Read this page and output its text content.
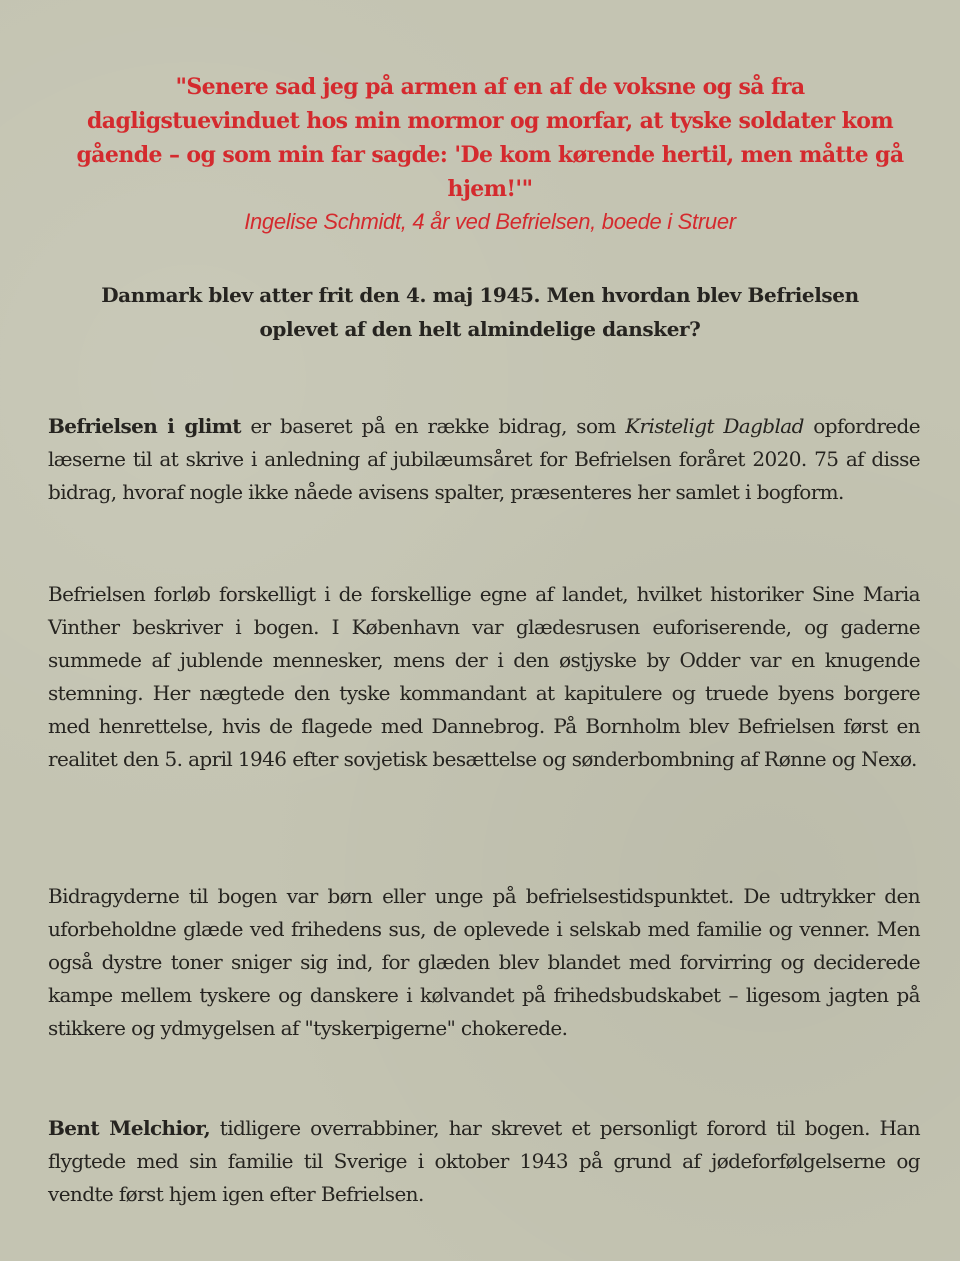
"Senere sad jeg på armen af en af de voksne og så fra dagligstuevinduet hos min mormor og morfar, at tyske soldater kom gående – og som min far sagde: 'De kom kørende hertil, men måtte gå hjem!'"
Ingelise Schmidt, 4 år ved Befrielsen, boede i Struer
Danmark blev atter frit den 4. maj 1945. Men hvordan blev Befrielsen oplevet af den helt almindelige dansker?
Befrielsen i glimt er baseret på en række bidrag, som Kristeligt Dagblad opfordrede læserne til at skrive i anledning af jubilæumsåret for Befrielsen foråret 2020. 75 af disse bidrag, hvoraf nogle ikke nåede avisens spalter, præsenteres her samlet i bogform.
Befrielsen forløb forskelligt i de forskellige egne af landet, hvilket historiker Sine Maria Vinther beskriver i bogen. I København var glædesrusen euforiserende, og gaderne summede af jublende mennesker, mens der i den østjyske by Odder var en knugende stemning. Her nægtede den tyske kommandant at kapitulere og truede byens borgere med henrettelse, hvis de flagede med Dannebrog. På Bornholm blev Befrielsen først en realitet den 5. april 1946 efter sovjetisk besættelse og sønderbombning af Rønne og Nexø.
Bidragyderne til bogen var børn eller unge på befrielsestidspunktet. De udtrykker den uforbeholdne glæde ved frihedens sus, de oplevede i selskab med familie og venner. Men også dystre toner sniger sig ind, for glæden blev blandet med forvirring og deciderede kampe mellem tyskere og danskere i kølvandet på frihedsbudskabet – ligesom jagten på stikkere og ydmygelsen af "tyskerpigerne" chokerede.
Bent Melchior, tidligere overrabbiner, har skrevet et personligt forord til bogen. Han flygtede med sin familie til Sverige i oktober 1943 på grund af jødeforfølgelserne og vendte først hjem igen efter Befrielsen.
